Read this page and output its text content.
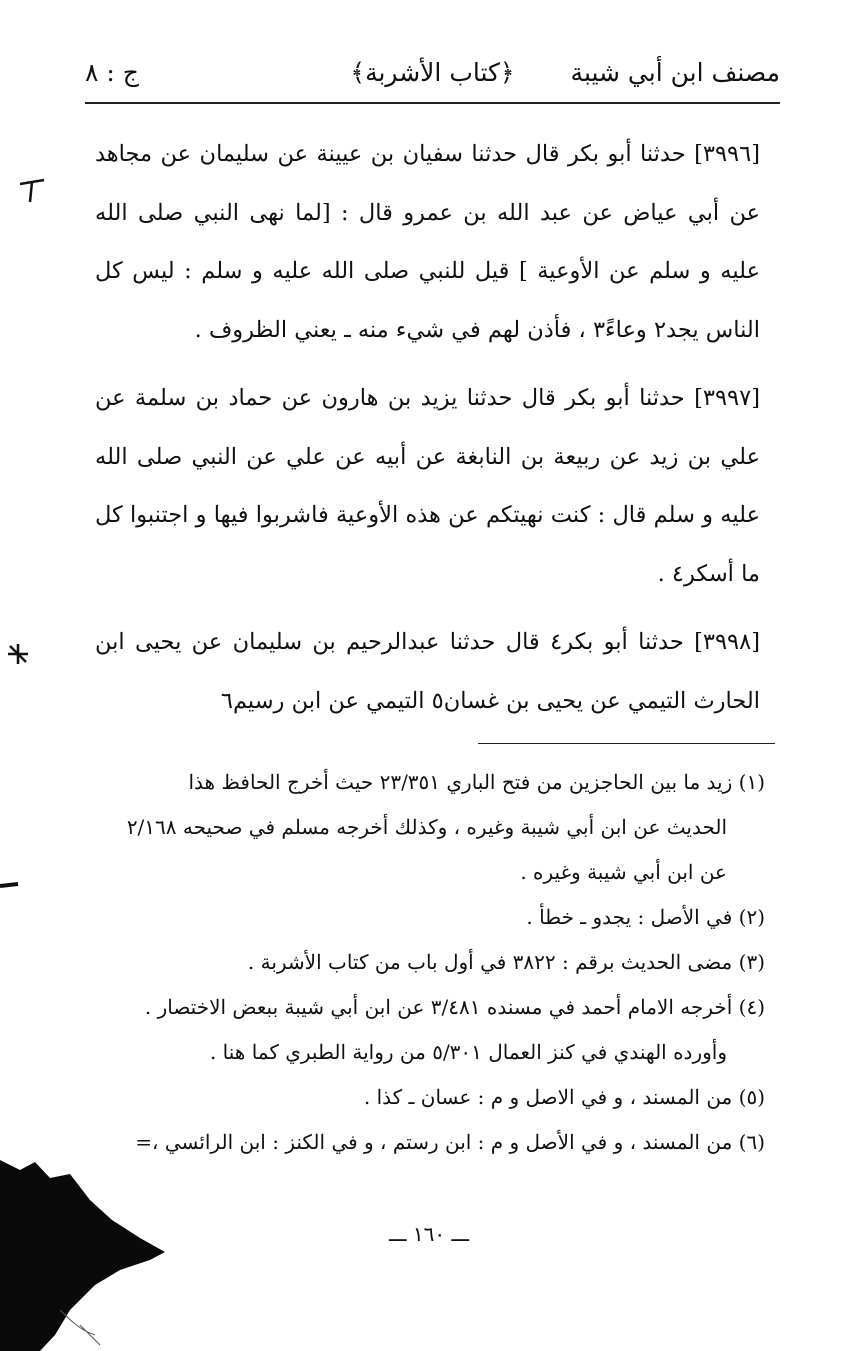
مصنف ابن أبي شيبة
﴿كتاب الأشربة﴾
ج : ٨

[٣٩٩٦] حدثنا أبو بكر قال حدثنا سفيان بن عيينة عن سليمان عن مجاهد عن أبي عياض عن عبد الله بن عمرو قال : [لما نهى النبي صلى الله عليه و سلم عن الأوعية ] قيل للنبي صلى الله عليه و سلم : ليس كل الناس يجد٢ وعاءً٣ ، فأذن لهم في شيء منه ـ يعني الظروف .

[٣٩٩٧] حدثنا أبو بكر قال حدثنا يزيد بن هارون عن حماد بن سلمة عن علي بن زيد عن ربيعة بن النابغة عن أبيه عن علي عن النبي صلى الله عليه و سلم قال : كنت نهيتكم عن هذه الأوعية فاشربوا فيها و اجتنبوا كل ما أسكر٤ .

[٣٩٩٨] حدثنا أبو بكر٤ قال حدثنا عبدالرحيم بن سليمان عن يحيى ابن الحارث التيمي عن يحيى بن غسان٥ التيمي عن ابن رسيم٦

(١) زيد ما بين الحاجزين من فتح الباري ٢٣/٣٥١ حيث أخرج الحافظ هذا

الحديث عن ابن أبي شيبة وغيره ، وكذلك أخرجه مسلم في صحيحه ٢/١٦٨

عن ابن أبي شيبة وغيره .

(٢) في الأصل : يجدو ـ خطأ .

(٣) مضى الحديث برقم : ٣٨٢٢ في أول باب من كتاب الأشربة .

(٤) أخرجه الامام أحمد في مسنده ٣/٤٨١ عن ابن أبي شيبة ببعض الاختصار .

وأورده الهندي في كنز العمال ٥/٣٠١ من رواية الطبري كما هنا .

(٥) من المسند ، و في الاصل و م : عسان ـ كذا .

(٦) من المسند ، و في الأصل و م : ابن رستم ، و في الكنز : ابن الرائسي ،=

ـــ ١٦٠ ـــ
